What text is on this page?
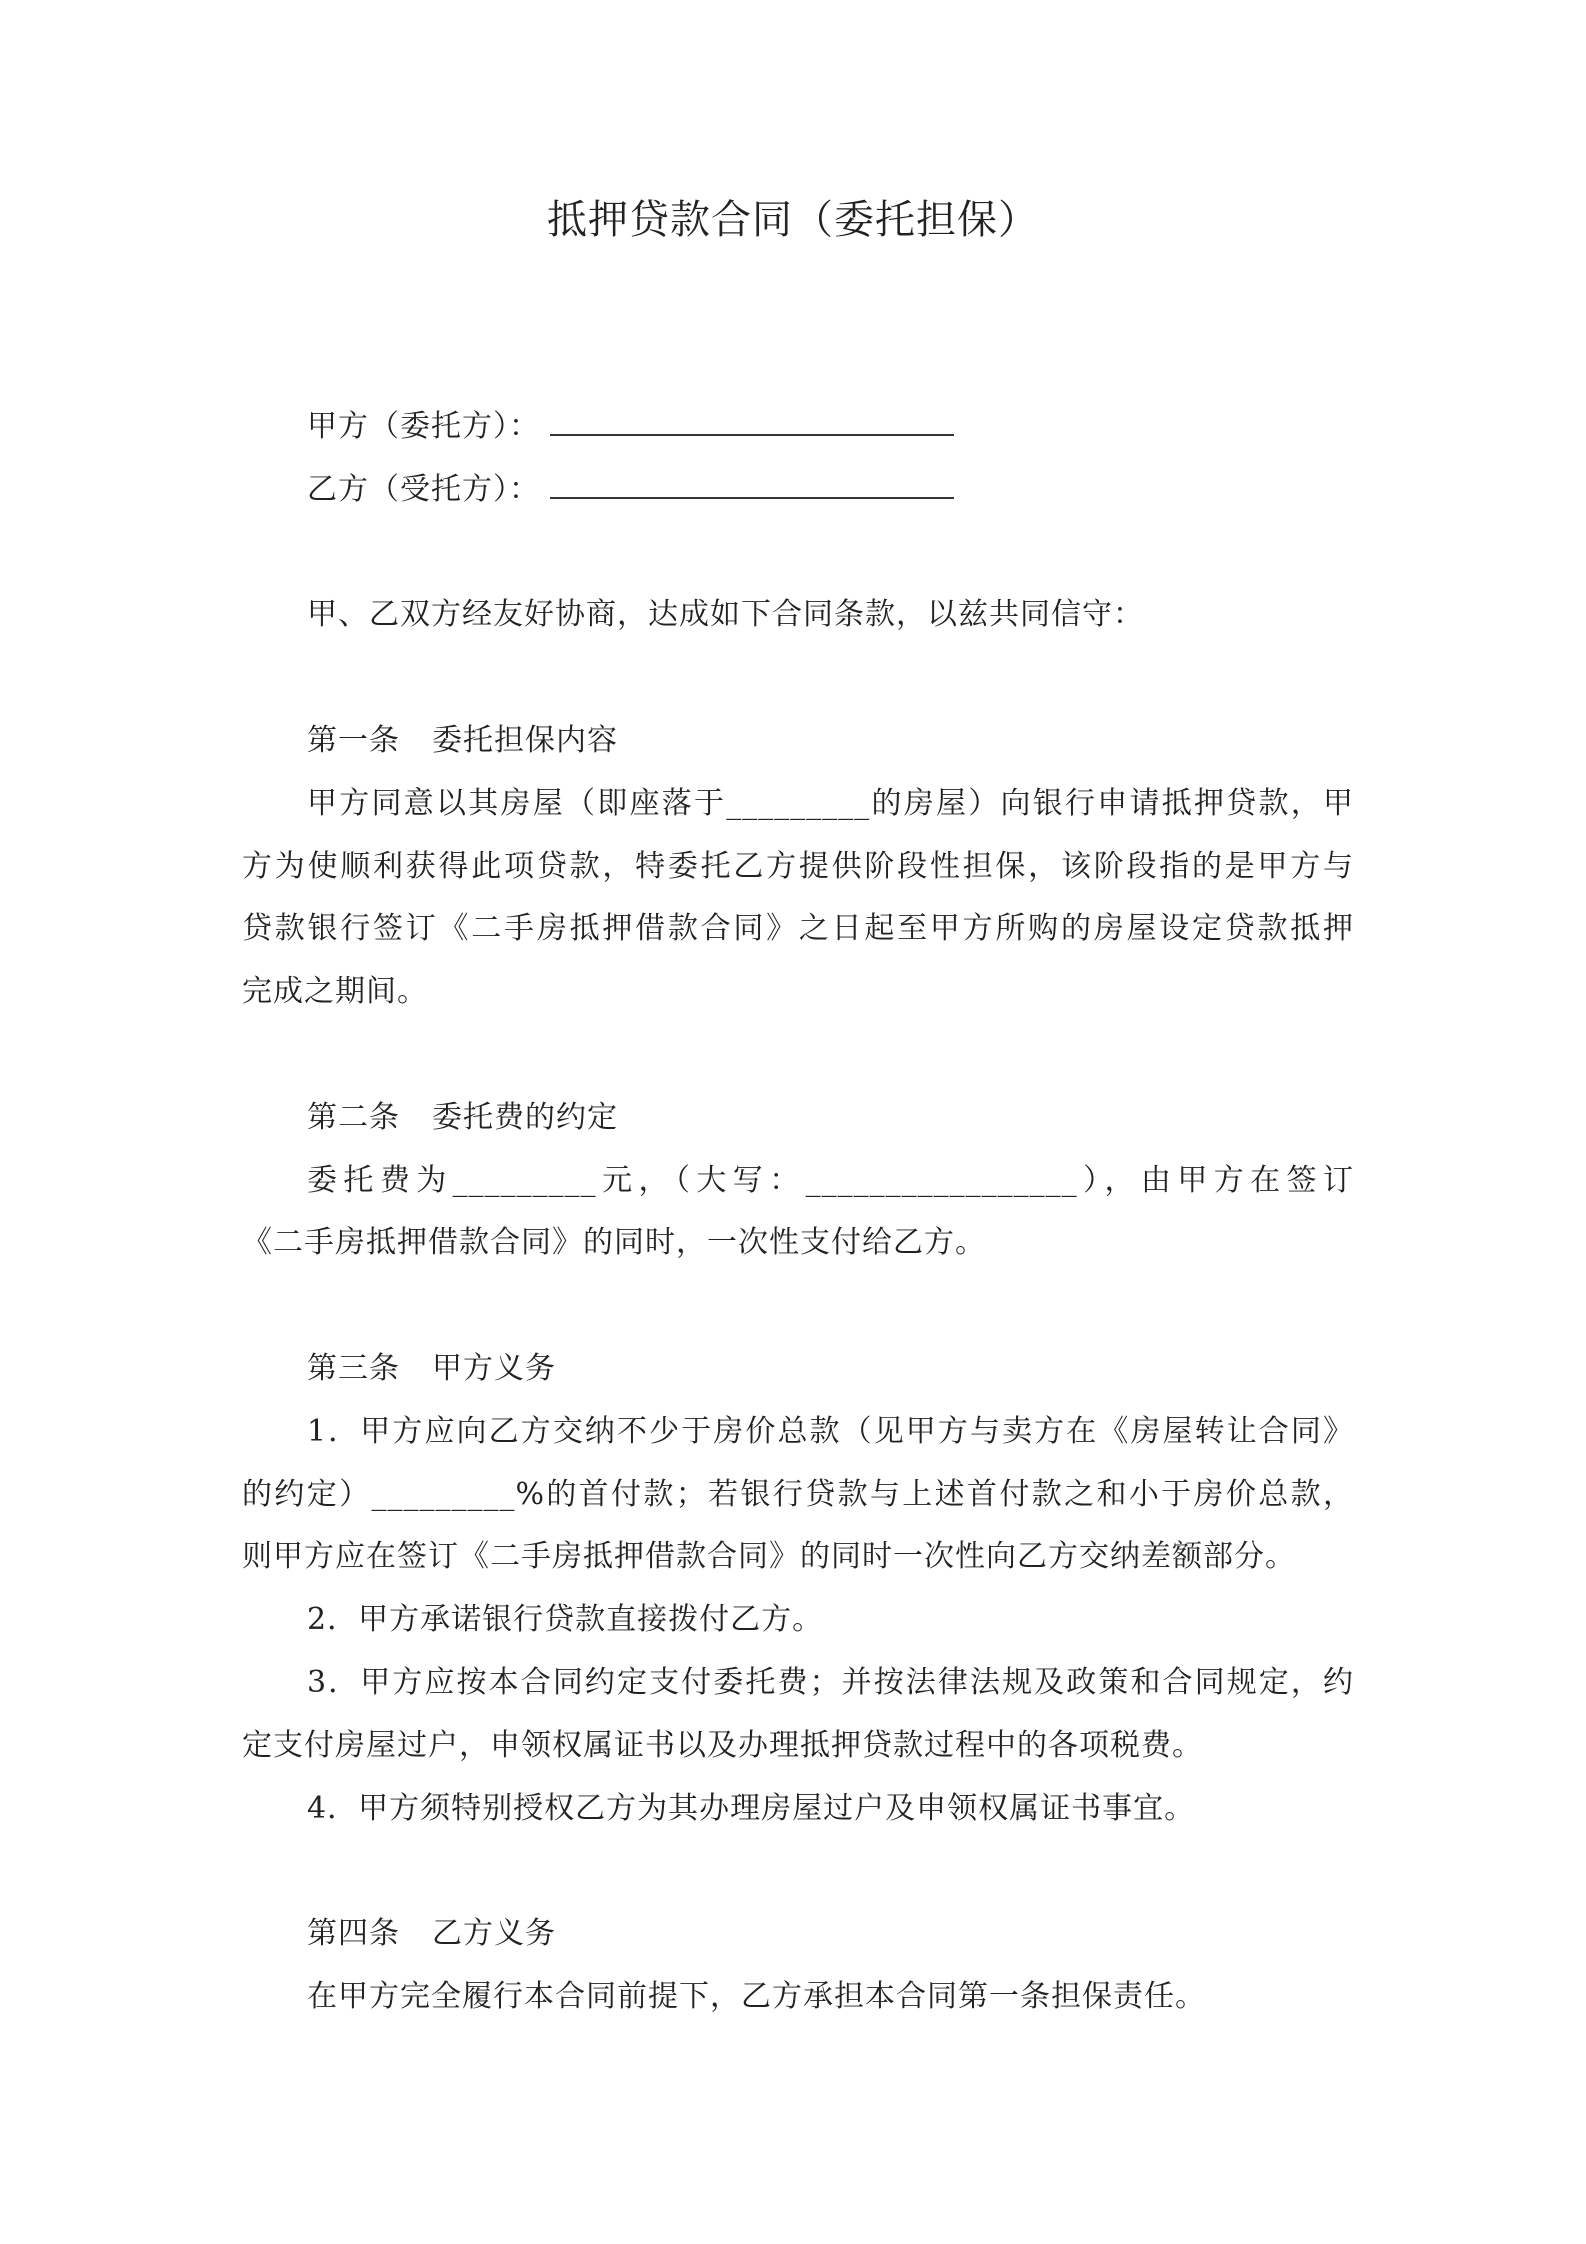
抵押贷款合同（委托担保）
甲方（委托方）：
乙方（受托方）：
甲、乙双方经友好协商，达成如下合同条款，以兹共同信守：
第一条 委托担保内容
甲方同意以其房屋（即座落于_________的房屋）向银行申请抵押贷款，甲
方为使顺利获得此项贷款，特委托乙方提供阶段性担保，该阶段指的是甲方与
贷款银行签订《二手房抵押借款合同》之日起至甲方所购的房屋设定贷款抵押
完成之期间。
第二条 委托费的约定
委托费为_________元，（大写：_________________），由甲方在签订
《二手房抵押借款合同》的同时，一次性支付给乙方。
第三条 甲方义务
1．甲方应向乙方交纳不少于房价总款（见甲方与卖方在《房屋转让合同》
的约定）_________%的首付款；若银行贷款与上述首付款之和小于房价总款，
则甲方应在签订《二手房抵押借款合同》的同时一次性向乙方交纳差额部分。
2．甲方承诺银行贷款直接拨付乙方。
3．甲方应按本合同约定支付委托费；并按法律法规及政策和合同规定，约
定支付房屋过户，申领权属证书以及办理抵押贷款过程中的各项税费。
4．甲方须特别授权乙方为其办理房屋过户及申领权属证书事宜。
第四条 乙方义务
在甲方完全履行本合同前提下，乙方承担本合同第一条担保责任。
